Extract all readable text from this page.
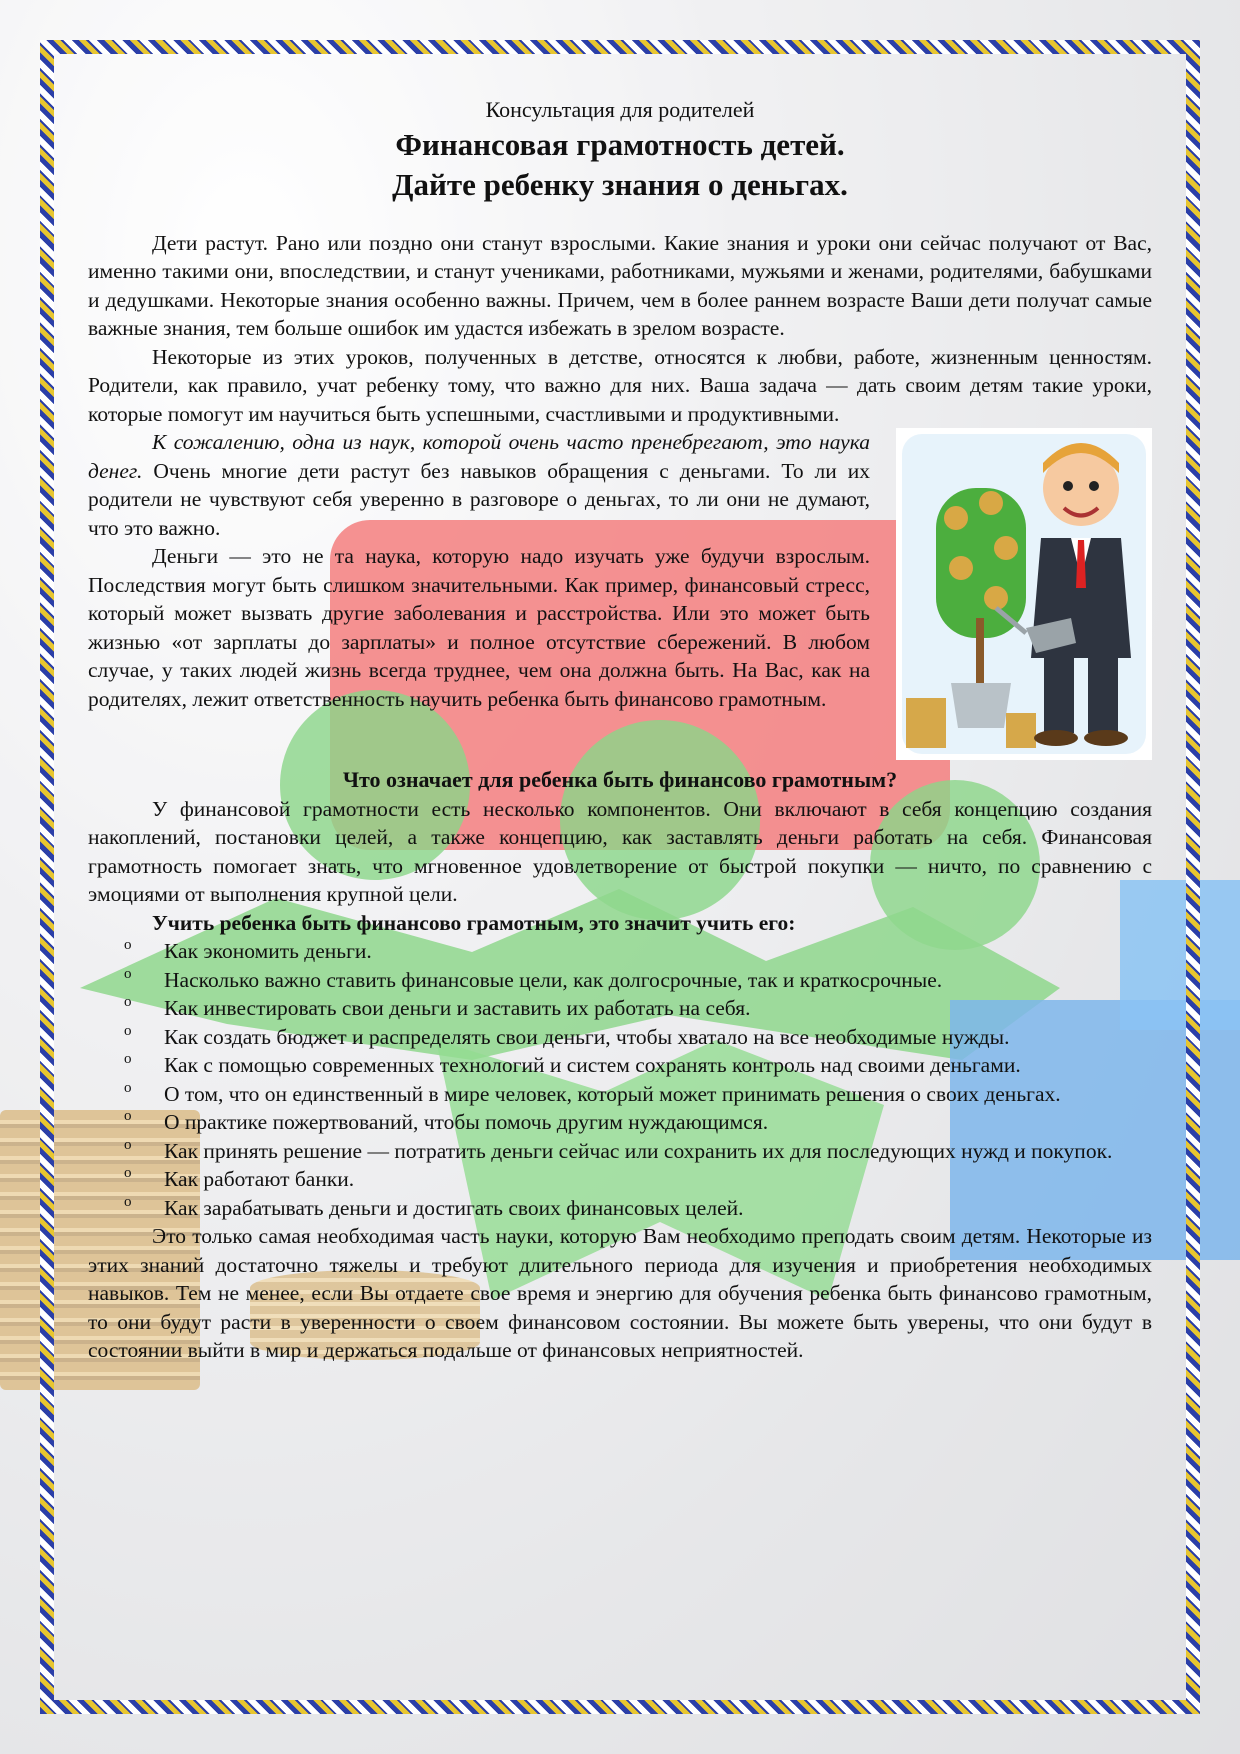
Консультация для родителей
Финансовая грамотность детей.
Дайте ребенку знания о деньгах.

Дети растут. Рано или поздно они станут взрослыми. Какие знания и уроки они сейчас получают от Вас, именно такими они, впоследствии, и станут учениками, работниками, мужьями и женами, родителями, бабушками и дедушками. Некоторые знания особенно важны. Причем, чем в более раннем возрасте Ваши дети получат самые важные знания, тем больше ошибок им удастся избежать в зрелом возрасте.

Некоторые из этих уроков, полученных в детстве, относятся к любви, работе, жизненным ценностям. Родители, как правило, учат ребенку тому, что важно для них. Ваша задача — дать своим детям такие уроки, которые помогут им научиться быть успешными, счастливыми и продуктивными.

К сожалению, одна из наук, которой очень часто пренебрегают, это наука денег. Очень многие дети растут без навыков обращения с деньгами. То ли их родители не чувствуют себя уверенно в разговоре о деньгах, то ли они не думают, что это важно.

Деньги — это не та наука, которую надо изучать уже будучи взрослым. Последствия могут быть слишком значительными. Как пример, финансовый стресс, который может вызвать другие заболевания и расстройства. Или это может быть жизнью «от зарплаты до зарплаты» и полное отсутствие сбережений. В любом случае, у таких людей жизнь всегда труднее, чем она должна быть. На Вас, как на родителях, лежит ответственность научить ребенка быть финансово грамотным.

Что означает для ребенка быть финансово грамотным?

У финансовой грамотности есть несколько компонентов. Они включают в себя концепцию создания накоплений, постановки целей, а также концепцию, как заставлять деньги работать на себя. Финансовая грамотность помогает знать, что мгновенное удовлетворение от быстрой покупки — ничто, по сравнению с эмоциями от выполнения крупной цели.

Учить ребенка быть финансово грамотным, это значит учить его:

o Как экономить деньги.
o Насколько важно ставить финансовые цели, как долгосрочные, так и краткосрочные.
o Как инвестировать свои деньги и заставить их работать на себя.
o Как создать бюджет и распределять свои деньги, чтобы хватало на все необходимые нужды.
o Как с помощью современных технологий и систем сохранять контроль над своими деньгами.
o О том, что он единственный в мире человек, который может принимать решения о своих деньгах.
o О практике пожертвований, чтобы помочь другим нуждающимся.
o Как принять решение — потратить деньги сейчас или сохранить их для последующих нужд и покупок.
o Как работают банки.
o Как зарабатывать деньги и достигать своих финансовых целей.

Это только самая необходимая часть науки, которую Вам необходимо преподать своим детям. Некоторые из этих знаний достаточно тяжелы и требуют длительного периода для изучения и приобретения необходимых навыков. Тем не менее, если Вы отдаете свое время и энергию для обучения ребенка быть финансово грамотным, то они будут расти в уверенности о своем финансовом состоянии. Вы можете быть уверены, что они будут в состоянии выйти в мир и держаться подальше от финансовых неприятностей.
